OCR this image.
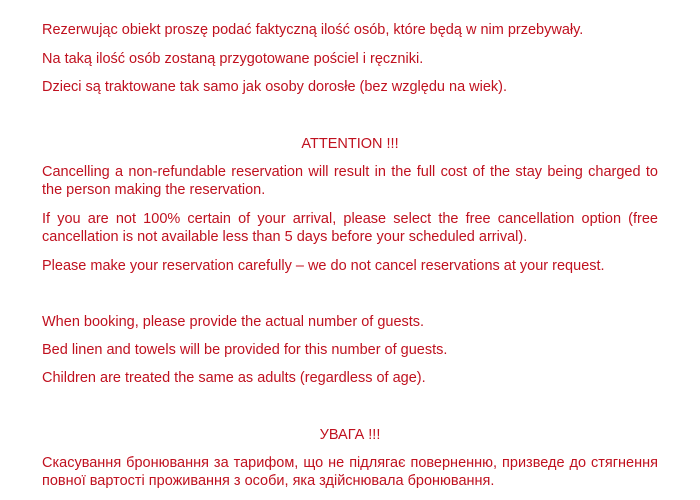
Rezerwując obiekt proszę podać faktyczną ilość osób, które będą w nim przebywały.

Na taką ilość osób zostaną przygotowane pościel i ręczniki.

Dzieci są traktowane tak samo jak osoby dorosłe (bez względu na wiek).

ATTENTION !!!

Cancelling a non-refundable reservation will result in the full cost of the stay being charged to the person making the reservation.

If you are not 100% certain of your arrival, please select the free cancellation option (free cancellation is not available less than 5 days before your scheduled arrival).

Please make your reservation carefully – we do not cancel reservations at your request.

When booking, please provide the actual number of guests.

Bed linen and towels will be provided for this number of guests.

Children are treated the same as adults (regardless of age).

УВАГА !!!

Скасування бронювання за тарифом, що не підлягає поверненню, призведе до стягнення повної вартості проживання з особи, яка здійснювала бронювання.
